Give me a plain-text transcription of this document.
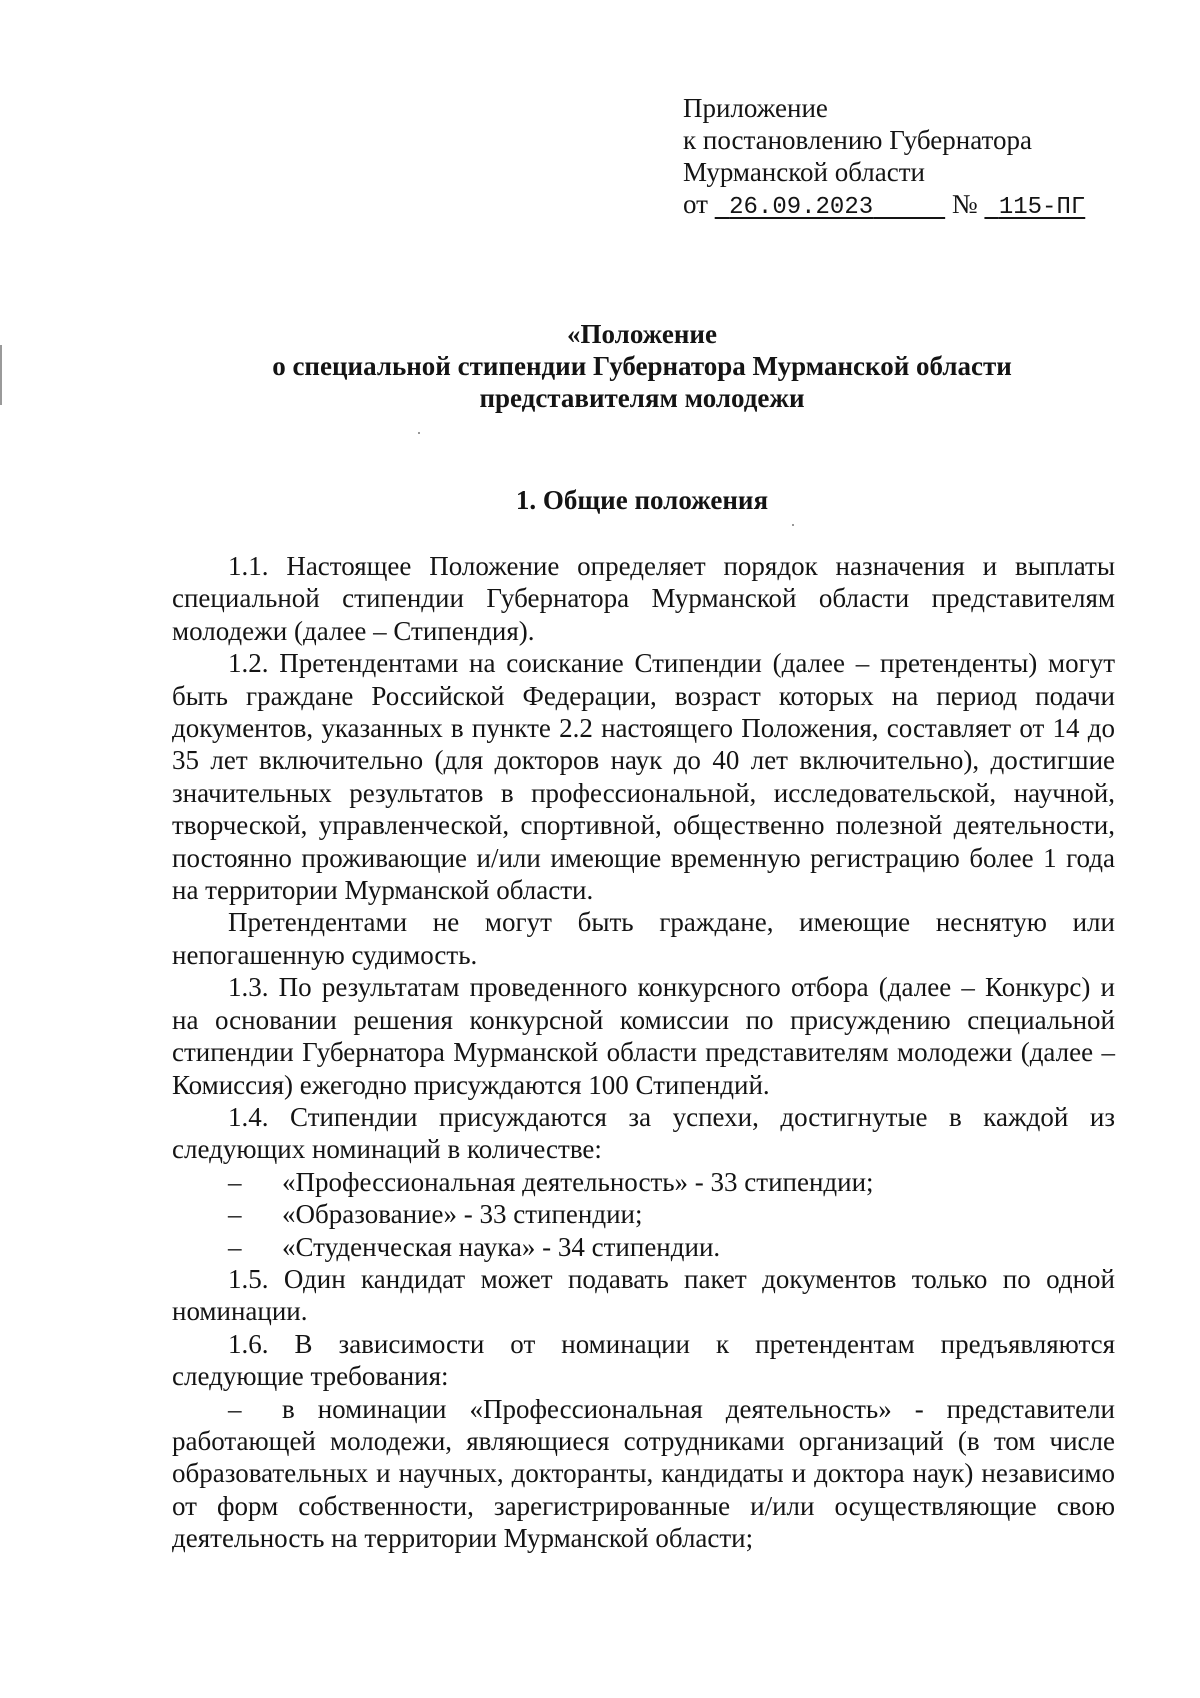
Приложение
к постановлению Губернатора
Мурманской области
от 26.09.2023	№ 115-ПГ
«Положение
о специальной стипендии Губернатора Мурманской области
представителям молодежи
1. Общие положения

1.1. Настоящее Положение определяет порядок назначения и выплаты специальной стипендии Губернатора Мурманской области представителям молодежи (далее – Стипендия).

1.2. Претендентами на соискание Стипендии (далее – претенденты) могут быть граждане Российской Федерации, возраст которых на период подачи документов, указанных в пункте 2.2 настоящего Положения, составляет от 14 до 35 лет включительно (для докторов наук до 40 лет включительно), достигшие значительных результатов в профессиональной, исследовательской, научной, творческой, управленческой, спортивной, общественно полезной деятельности, постоянно проживающие и/или имеющие временную регистрацию более 1 года на территории Мурманской области.

Претендентами не могут быть граждане, имеющие неснятую или непогашенную судимость.

1.3. По результатам проведенного конкурсного отбора (далее – Конкурс) и на основании решения конкурсной комиссии по присуждению специальной стипендии Губернатора Мурманской области представителям молодежи (далее – Комиссия) ежегодно присуждаются 100 Стипендий.

1.4. Стипендии присуждаются за успехи, достигнутые в каждой из следующих номинаций в количестве:

– «Профессиональная деятельность» - 33 стипендии;

– «Образование» - 33 стипендии;

– «Студенческая наука» - 34 стипендии.

1.5. Один кандидат может подавать пакет документов только по одной номинации.

1.6. В зависимости от номинации к претендентам предъявляются следующие требования:

– в номинации «Профессиональная деятельность» - представители работающей молодежи, являющиеся сотрудниками организаций (в том числе образовательных и научных, докторанты, кандидаты и доктора наук) независимо от форм собственности, зарегистрированные и/или осуществляющие свою деятельность на территории Мурманской области;
